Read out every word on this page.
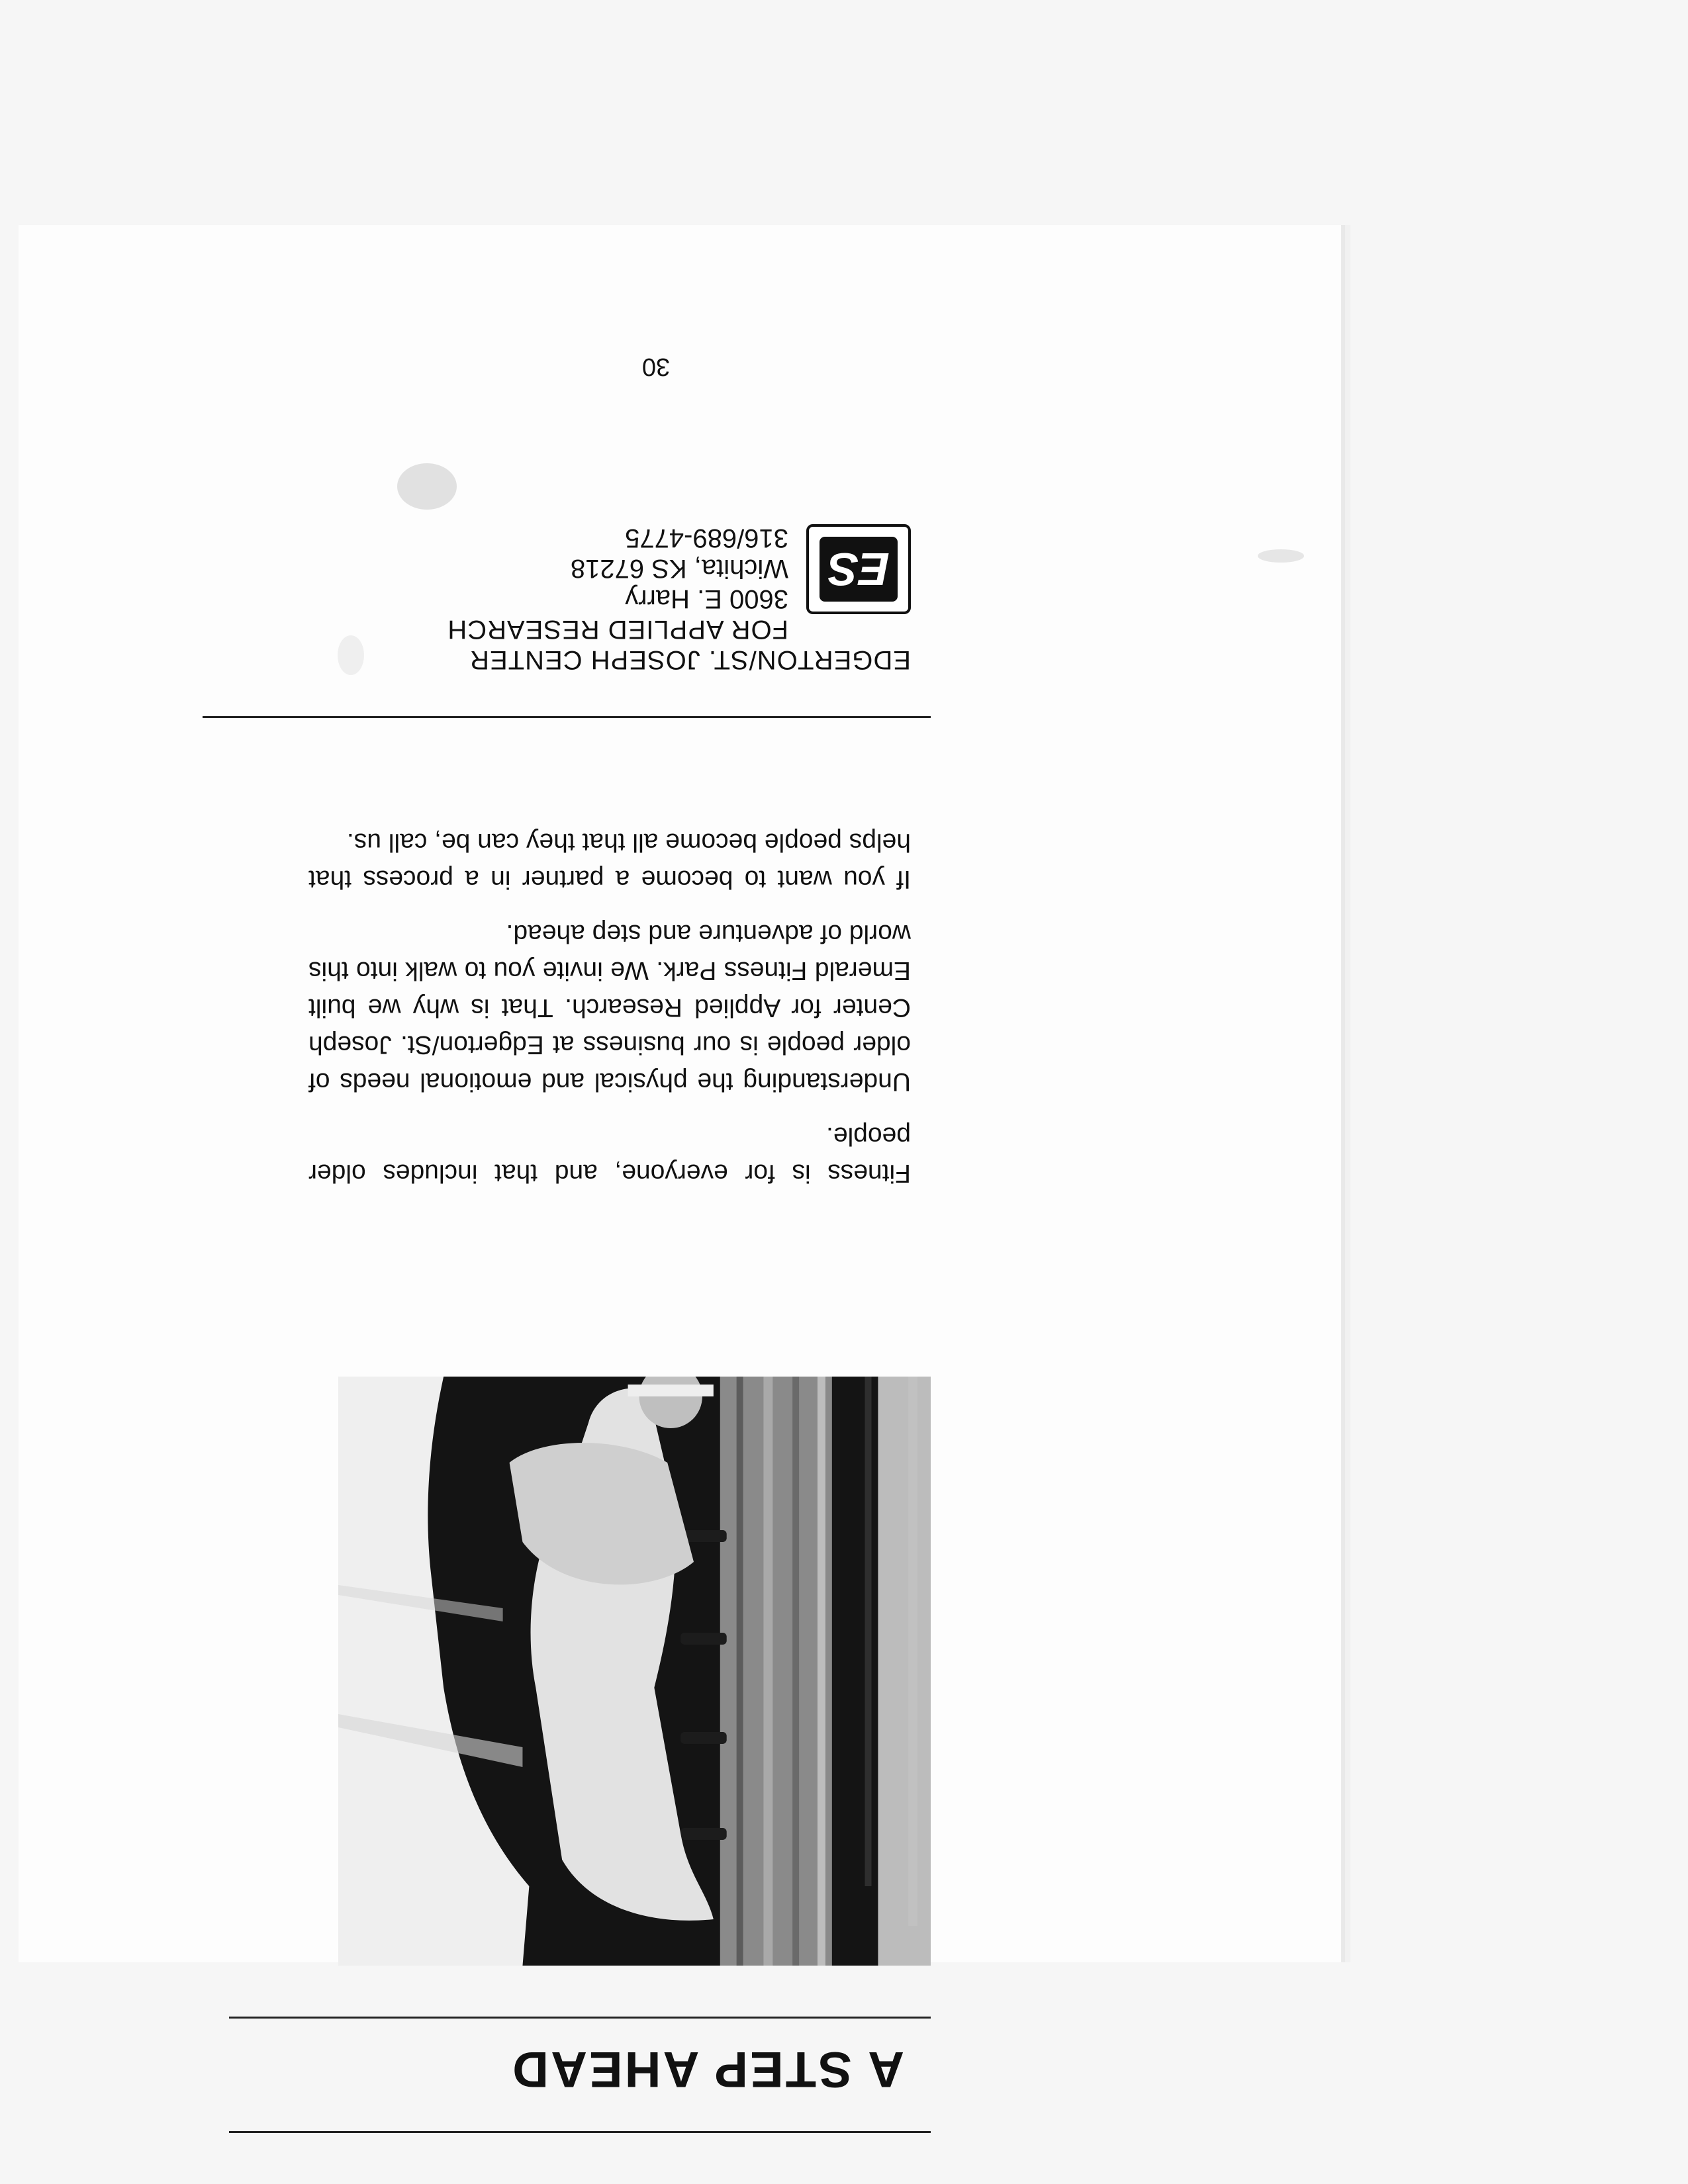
A STEP AHEAD

Fitness is for everyone, and that includes older people.

Understanding the physical and emotional needs of older people is our business at Edgerton/St. Joseph Center for Applied Research. That is why we built Emerald Fitness Park. We invite you to walk into this world of adventure and step ahead.

If you want to become a partner in a process that helps people become all that they can be, call us.

EDGERTON/ST. JOSEPH CENTER
FOR APPLIED RESEARCH
ES
3600 E. Harry
Wichita, KS 67218
316/689-4775
30
